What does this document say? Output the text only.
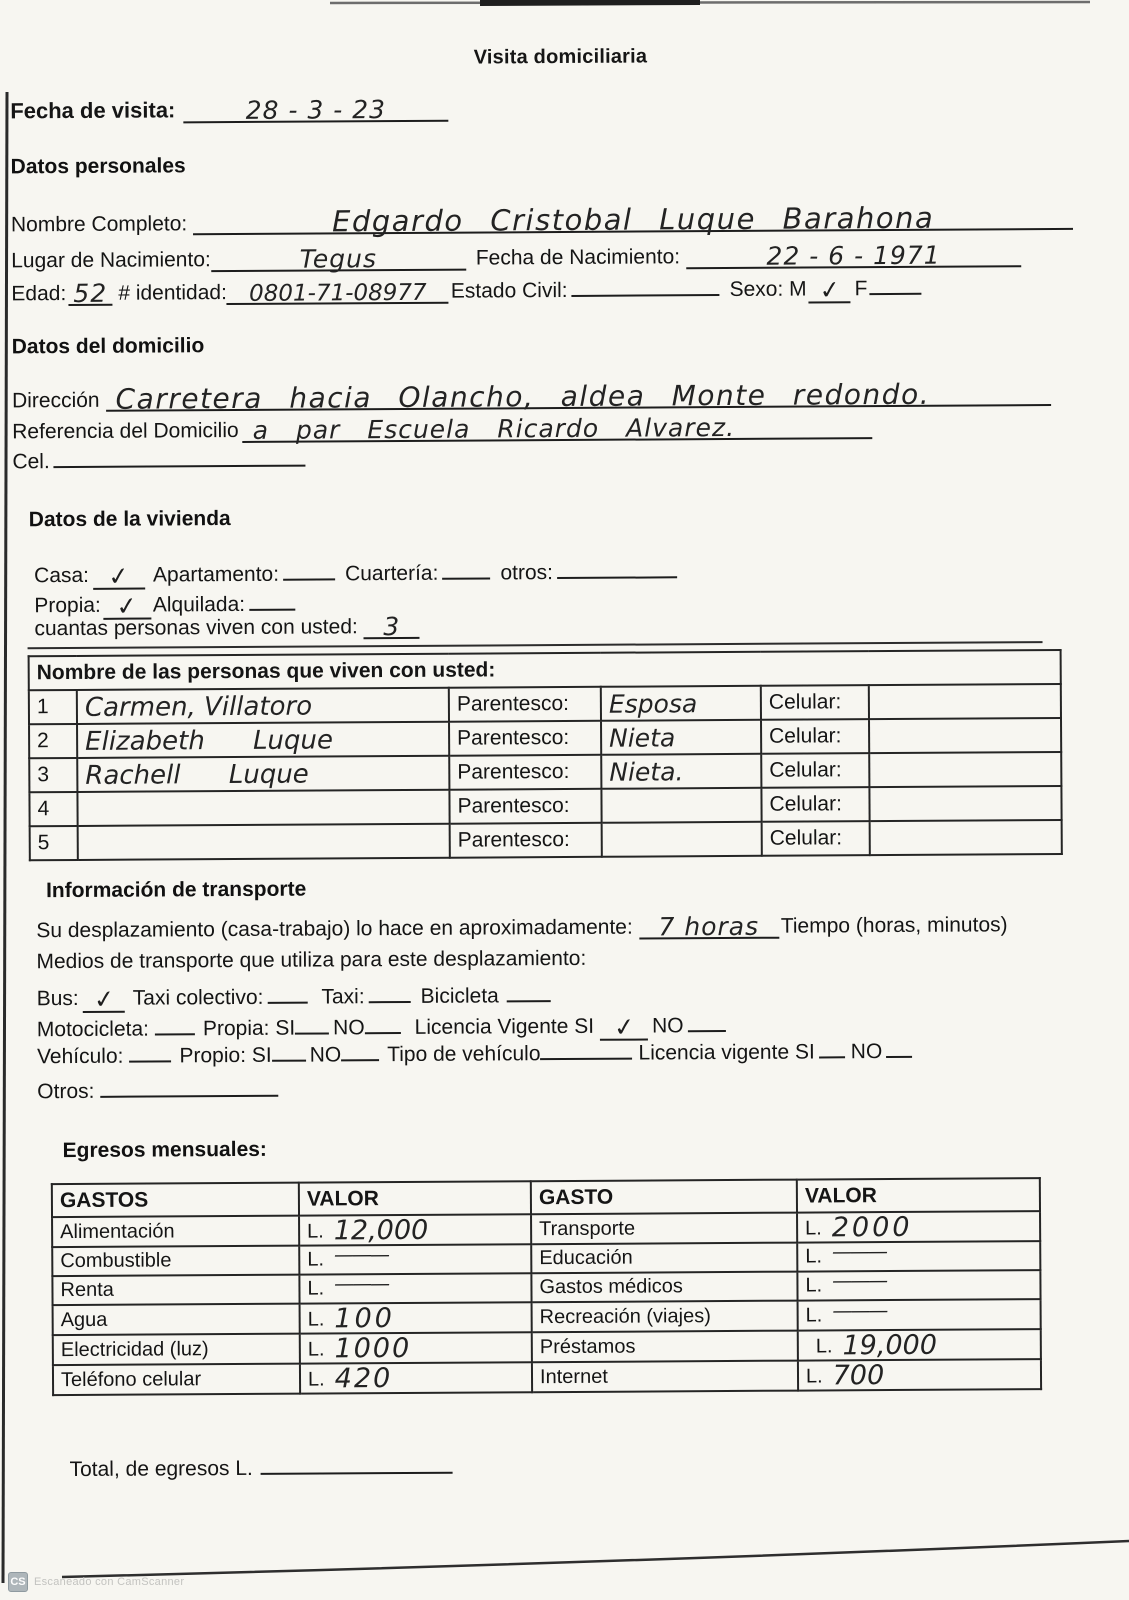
Visita domiciliaria
Fecha de visita:	28 - 3 - 23
Datos personales
Nombre Completo:	Edgardo Cristobal Luque Barahona
Lugar de Nacimiento:	Tegus	Fecha de Nacimiento:	22 - 6 - 1971
Edad: 52 # identidad: 0801-71-08977 Estado Civil:	Sexo: M ✓ F
Datos del domicilio
Dirección Carretera hacia Olancho, aldea Monte redondo.
Referencia del Domicilio a par Escuela Ricardo Alvarez.
Cel.
Datos de la vivienda
Casa: ✓ Apartamento:	Cuartería:	otros:
Propia: ✓ Alquilada:
cuantas personas viven con usted: 3
Nombre de las personas que viven con usted:					
1	Carmen, Villatoro	Parentesco:	Esposa	Celular:	
2	Elizabeth Luque	Parentesco:	Nieta	Celular:	
3	Rachell Luque	Parentesco:	Nieta.	Celular:	
4		Parentesco:		Celular:	
5		Parentesco:		Celular:	
Información de transporte
Su desplazamiento (casa-trabajo) lo hace en aproximadamente: 7 horas Tiempo (horas, minutos)
Medios de transporte que utiliza para este desplazamiento:
Bus: ✓ Taxi colectivo:	Taxi:	Bicicleta
Motocicleta:	Propia: SI NO Licencia Vigente SI ✓ NO
Vehículo:	Propio: SI NO Tipo de vehículo	Licencia vigente SI NO
Otros:
Egresos mensuales:
GASTOS	VALOR	GASTO	VALOR
Alimentación	L. 12,000	Transporte	L. 2000

Combustible	L. ———	Educación	L. ———

Renta	L. ———	Gastos médicos	L. ———

Agua	L. 100	Recreación (viajes)	L. ———

Electricidad (luz)	L. 1000	Préstamos	L. 19,000

Teléfono celular	L. 420	Internet	L. 700
Total, de egresos L.
CS Escaneado con CamScanner
